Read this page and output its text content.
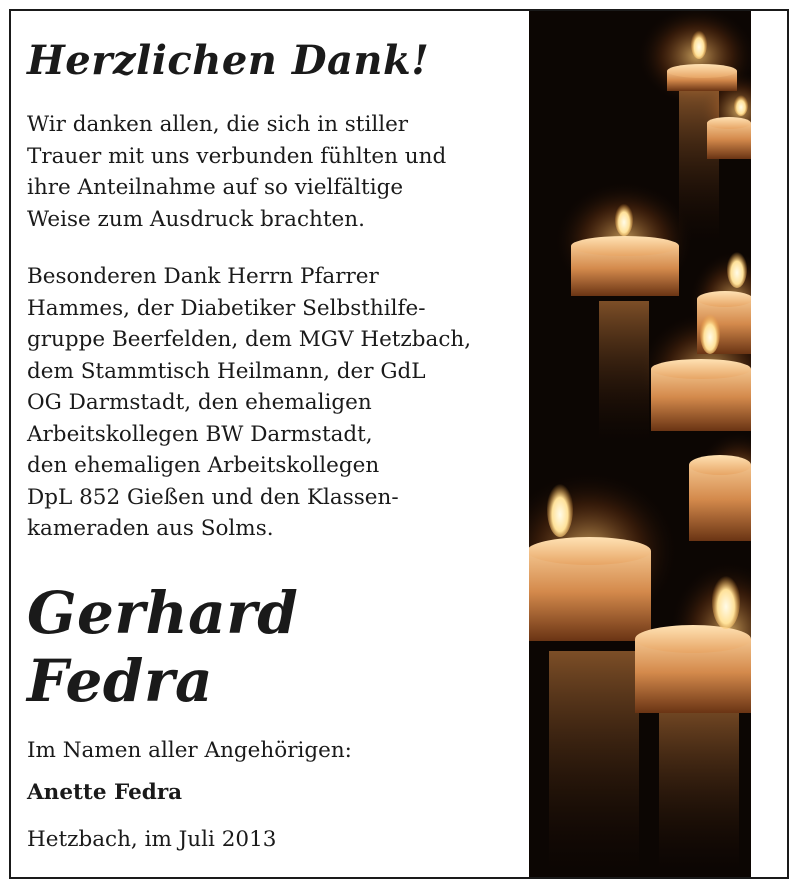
Herzlichen Dank!

Wir danken allen, die sich in stiller
Trauer mit uns verbunden fühlten und
ihre Anteilnahme auf so vielfältige
Weise zum Ausdruck brachten.

Besonderen Dank Herrn Pfarrer
Hammes, der Diabetiker Selbsthilfe-
gruppe Beerfelden, dem MGV Hetzbach,
dem Stammtisch Heilmann, der GdL
OG Darmstadt, den ehemaligen
Arbeitskollegen BW Darmstadt,
den ehemaligen Arbeitskollegen
DpL 852 Gießen und den Klassen-
kameraden aus Solms.

Gerhard
Fedra

Im Namen aller Angehörigen:

Anette Fedra

Hetzbach, im Juli 2013
